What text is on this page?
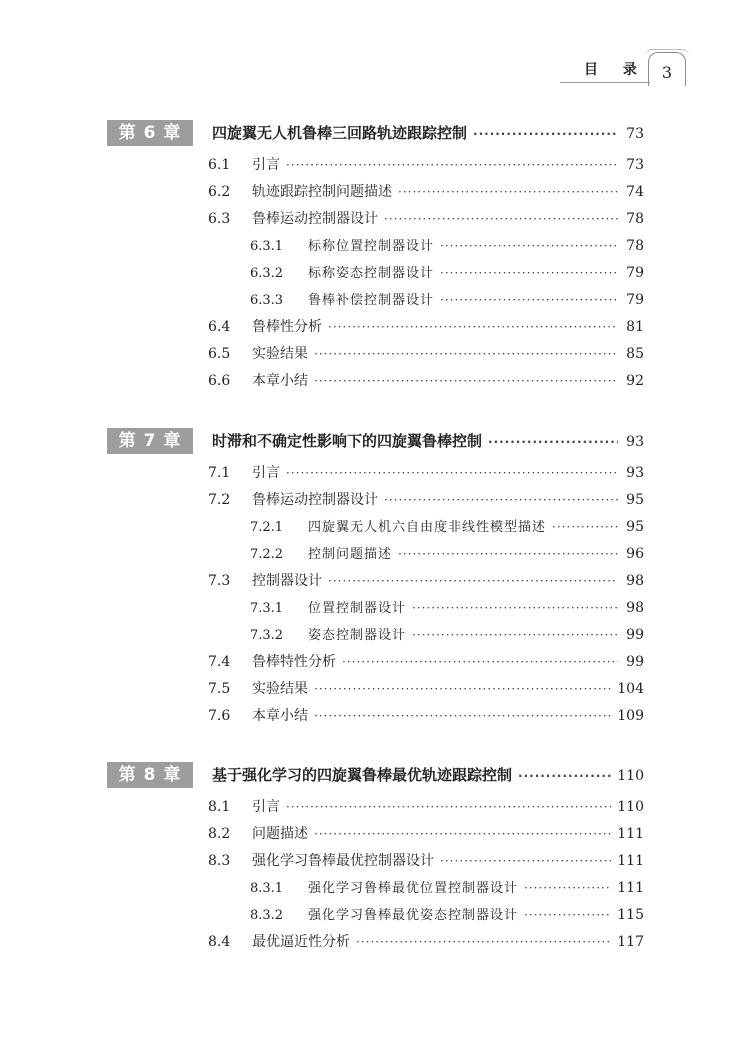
目 录 3
第 6 章	四旋翼无人机鲁棒三回路轨迹跟踪控制 ·····	73
6.1	引言 ·····	73
6.2	轨迹跟踪控制问题描述 ·····	74
6.3	鲁棒运动控制器设计 ·····	78
6.3.1	标称位置控制器设计 ·····	78
6.3.2	标称姿态控制器设计 ·····	79
6.3.3	鲁棒补偿控制器设计 ·····	79
6.4	鲁棒性分析 ·····	81
6.5	实验结果 ·····	85
6.6	本章小结 ·····	92
第 7 章	时滞和不确定性影响下的四旋翼鲁棒控制 ·····	93
7.1	引言 ·····	93
7.2	鲁棒运动控制器设计 ·····	95
7.2.1	四旋翼无人机六自由度非线性模型描述 ·····	95
7.2.2	控制问题描述 ·····	96
7.3	控制器设计 ·····	98
7.3.1	位置控制器设计 ·····	98
7.3.2	姿态控制器设计 ·····	99
7.4	鲁棒特性分析 ·····	99
7.5	实验结果 ·····	104
7.6	本章小结 ·····	109
第 8 章	基于强化学习的四旋翼鲁棒最优轨迹跟踪控制 ·····	110
8.1	引言 ·····	110
8.2	问题描述 ·····	111
8.3	强化学习鲁棒最优控制器设计 ·····	111
8.3.1	强化学习鲁棒最优位置控制器设计 ·····	111
8.3.2	强化学习鲁棒最优姿态控制器设计 ·····	115
8.4	最优逼近性分析 ·····	117
